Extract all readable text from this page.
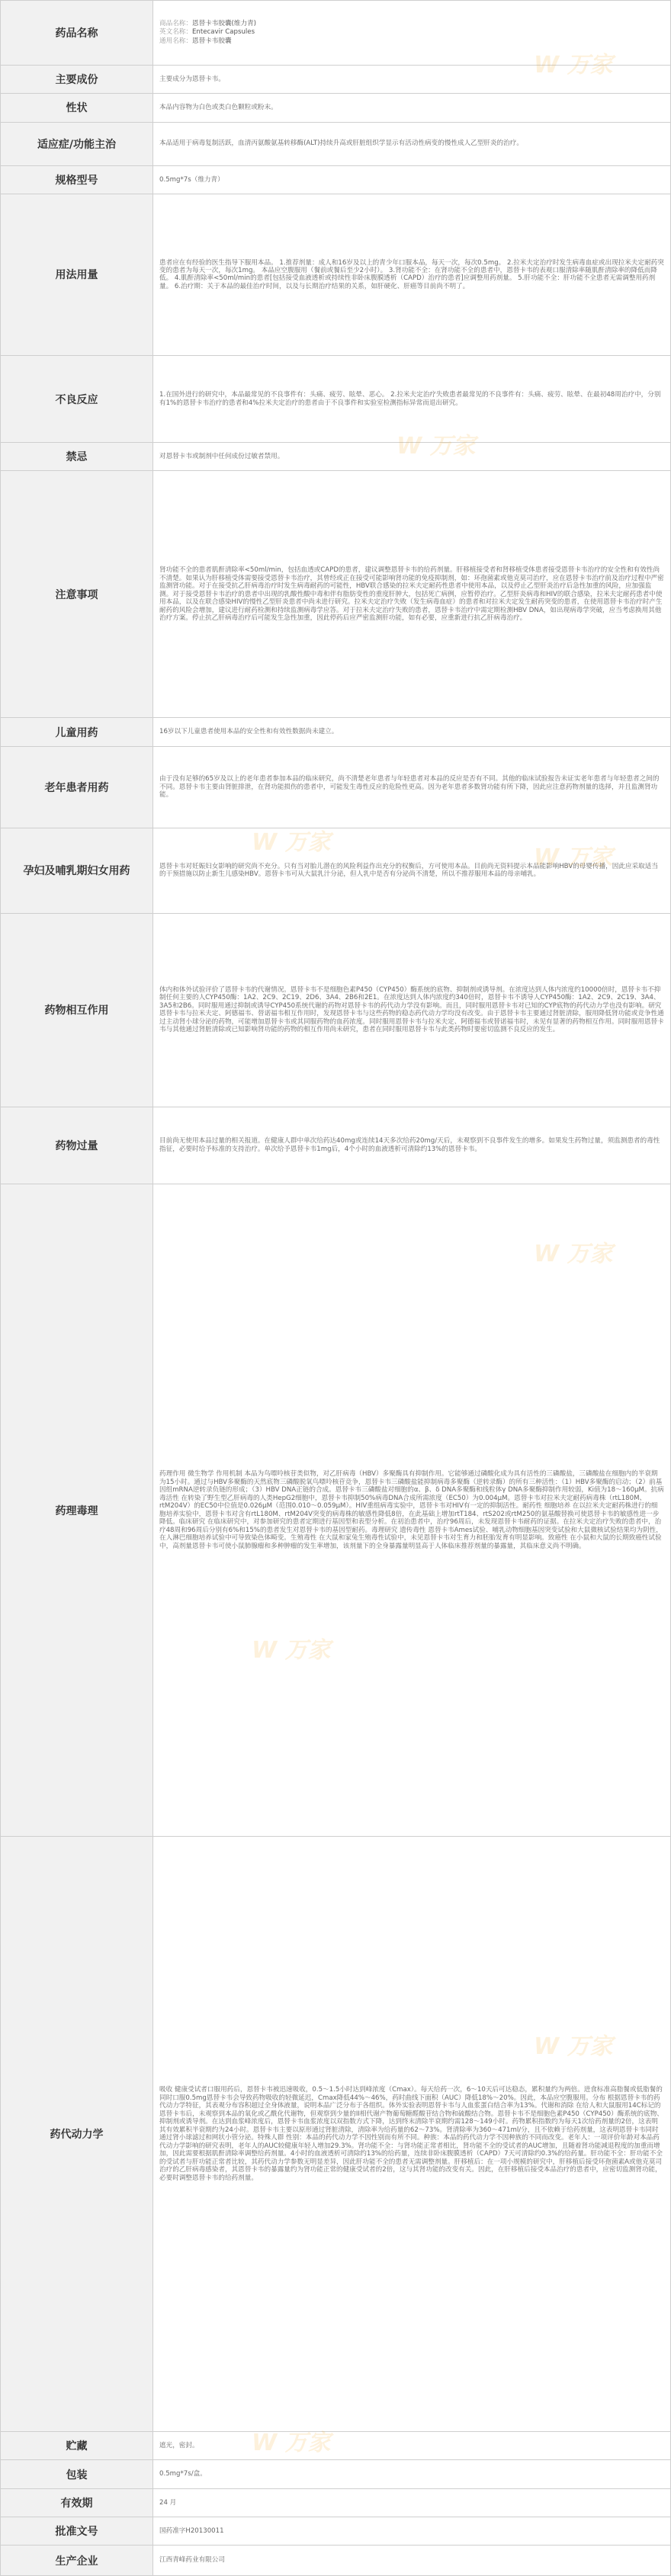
药品名称	商品名称：恩替卡韦胶囊(维力青)

英文名称：Entecavir Capsules

通用名称：恩替卡韦胶囊

主要成份	主要成分为恩替卡韦。
性状	本品内容物为白色或类白色颗粒或粉末。
适应症/功能主治	本品适用于病毒复制活跃，血清丙氨酸氨基转移酶(ALT)持续升高或肝脏组织学显示有活动性病变的慢性成人乙型肝炎的治疗。
规格型号	0.5mg*7s（维力青）
用法用量	患者应在有经验的医生指导下服用本品。 1.推荐剂量：成人和16岁及以上的青少年口服本品，每天一次，每次0.5mg。 2.拉米夫定治疗时发生病毒血症或出现拉米夫定耐药突变的患者为每天一次，每次1mg。 本品应空腹服用（餐前或餐后至少2小时）。 3.肾功能不全：在肾功能不全的患者中，恩替卡韦的表观口服清除率随肌酐清除率的降低而降低。 4.肌酐清除率<50ml/min的患者[包括接受血液透析或持续性非卧床腹膜透析（CAPD）治疗的患者]应调整用药剂量。 5.肝功能不全：肝功能不全患者无需调整用药剂量。 6.治疗期：关于本品的最佳治疗时间，以及与长期治疗结果的关系，如肝硬化、肝癌等目前尚不明了。
不良反应	1.在国外进行的研究中，本品最常见的不良事件有：头痛、疲劳、眩晕、恶心。 2.拉米夫定治疗失败患者最常见的不良事件有：头痛、疲劳、眩晕、在最初48周治疗中，分别有1%的恩替卡韦治疗的患者和4%拉米夫定治疗的患者由于不良事件和实验室检测指标异常而退出研究。
禁忌	对恩替卡韦或制剂中任何成份过敏者禁用。
注意事项	肾功能不全的患者肌酐清除率<50ml/min，包括血透或CAPD的患者，建议调整恩替卡韦的给药剂量。肝移植接受者和肾移植受体患者接受恩替卡韦治疗的安全性和有效性尚不清楚。如果认为肝移植受体需要接受恩替卡韦治疗，其曾经或正在接受可能影响肾功能的免疫抑制剂，如：环孢菌素或他克莫司治疗，应在恩替卡韦治疗前及治疗过程中严密监测肾功能。对于在接受抗乙肝病毒治疗时发生病毒耐药的可能性，HBV联合感染的拉米夫定耐药性患者中使用本品，以及停止乙型肝炎治疗后急性加重的风险，应加强监测。对于接受恩替卡韦治疗的患者中出现的乳酸性酸中毒和伴有脂肪变性的重度肝肿大，包括死亡病例，应暂停治疗。乙型肝炎病毒和HIV的联合感染，拉米夫定耐药患者中使用本品，以及在联合感染HIV的慢性乙型肝炎患者中尚未进行研究。拉米夫定治疗失败（发生病毒血症）的患者和对拉米夫定发生耐药突变的患者，在使用恩替卡韦治疗时产生耐药的风险会增加，建议进行耐药检测和持续监测病毒学应答。对于拉米夫定治疗失败的患者，恩替卡韦治疗中需定期检测HBV DNA，如出现病毒学突破，应当考虑换用其他治疗方案。停止抗乙肝病毒治疗后可能发生急性加重，因此停药后应严密监测肝功能，如有必要，应重新进行抗乙肝病毒治疗。
儿童用药	16岁以下儿童患者使用本品的安全性和有效性数据尚未建立。
老年患者用药	由于没有足够的65岁及以上的老年患者参加本品的临床研究，尚不清楚老年患者与年轻患者对本品的反应是否有不同。其他的临床试验报告未证实老年患者与年轻患者之间的不同。恩替卡韦主要由肾脏排泄，在肾功能损伤的患者中，可能发生毒性反应的危险性更高。因为老年患者多数肾功能有所下降，因此应注意药物剂量的选择，并且监测肾功能。
孕妇及哺乳期妇女用药	恩替卡韦对妊娠妇女影响的研究尚不充分。只有当对胎儿潜在的风险利益作出充分的权衡后，方可使用本品。目前尚无资料提示本品能影响HBV的母婴传播，因此应采取适当的干预措施以防止新生儿感染HBV。恩替卡韦可从大鼠乳汁分泌，但人乳中是否有分泌尚不清楚，所以不推荐服用本品的母亲哺乳。
药物相互作用	体内和体外试验评价了恩替卡韦的代谢情况。恩替卡韦不是细胞色素P450（CYP450）酶系统的底物、抑制剂或诱导剂。在浓度达到人体内浓度约10000倍时，恩替卡韦不抑制任何主要的人CYP450酶：1A2、2C9、2C19、2D6、3A4、2B6和2E1。在浓度达到人体内浓度约340倍时，恩替卡韦不诱导人CYP450酶：1A2、2C9、2C19、3A4、3A5和2B6。同时服用通过抑制或诱导CYP450系统代谢的药物对恩替卡韦的药代动力学没有影响。而且，同时服用恩替卡韦对已知的CYP底物的药代动力学也没有影响。研究恩替卡韦与拉米夫定、阿德福韦、替诺福韦相互作用时，发现恩替卡韦与这些药物的稳态药代动力学均没有改变。由于恩替卡韦主要通过肾脏清除，服用降低肾功能或竞争性通过主动肾小球分泌的药物，可能增加恩替卡韦或其同服药物的血药浓度。同时服用恩替卡韦与拉米夫定、阿德福韦或替诺福韦时，未见有显著的药物相互作用。同时服用恩替卡韦与其他通过肾脏清除或已知影响肾功能的药物的相互作用尚未研究，患者在同时服用恩替卡韦与此类药物时要密切监测不良反应的发生。
药物过量	目前尚无使用本品过量的相关报道。在健康人群中单次给药达40mg或连续14天多次给药20mg/天后，未观察到不良事件发生的增多。如果发生药物过量，须监测患者的毒性指征，必要时给予标准的支持治疗。单次给予恩替卡韦1mg后，4个小时的血液透析可清除约13%的恩替卡韦。
药理毒理	药理作用 微生物学 作用机制 本品为鸟嘌呤核苷类似物，对乙肝病毒（HBV）多聚酶具有抑制作用。它能够通过磷酸化成为具有活性的三磷酸盐，三磷酸盐在细胞内的半衰期为15小时。通过与HBV多聚酶的天然底物三磷酸脱氧鸟嘌呤核苷竞争，恩替卡韦三磷酸盐能抑制病毒多聚酶（逆转录酶）的所有三种活性：（1）HBV多聚酶的启动；（2）前基因组mRNA逆转录负链的形成；（3）HBV DNA正链的合成。恩替卡韦三磷酸盐对细胞的α、β、δ DNA多聚酶和线粒体γ DNA多聚酶抑制作用较弱，Ki值为18～160μM。抗病毒活性 在转染了野生型乙肝病毒的人类HepG2细胞中，恩替卡韦抑制50%病毒DNA合成所需浓度（EC50）为0.004μM。恩替卡韦对拉米夫定耐药病毒株（rtL180M、rtM204V）的EC50中位值是0.026μM（范围0.010～0.059μM）。HIV重组病毒实验中，恩替卡韦对HIV有一定的抑制活性。耐药性 细胞培养 在以拉米夫定耐药株进行的细胞培养实验中，恩替卡韦对含有rtL180M、rtM204V突变的病毒株的敏感性降低8倍，在此基础上增加rtT184、rtS202或rtM250的氨基酸替换可使恩替卡韦的敏感性进一步降低。临床研究 在临床研究中，对参加研究的患者定期进行基因型和表型分析。在初治患者中，治疗96周后，未发现恩替卡韦耐药的证据。在拉米夫定治疗失败的患者中，治疗48周和96周后分别有6%和15%的患者发生对恩替卡韦的基因型耐药。毒理研究 遗传毒性 恩替卡韦Ames试验、哺乳动物细胞基因突变试验和大鼠微核试验结果均为阴性，在人淋巴细胞培养试验中可导致染色体畸变。生殖毒性 在大鼠和家兔生殖毒性试验中，未见恩替卡韦对生育力和胚胎发育有明显影响。致癌性 在小鼠和大鼠的长期致癌性试验中，高剂量恩替卡韦可使小鼠肺腺瘤和多种肿瘤的发生率增加，该剂量下的全身暴露量明显高于人体临床推荐剂量的暴露量，其临床意义尚不明确。
药代动力学	吸收 健康受试者口服用药后，恩替卡韦被迅速吸收，0.5～1.5小时达到峰浓度（Cmax）。每天给药一次，6～10天后可达稳态，累积量约为两倍。进食标准高脂餐或低脂餐的同时口服0.5mg恩替卡韦会导致药物吸收的轻微延迟，Cmax降低44%～46%，药时曲线下面积（AUC）降低18%～20%。因此，本品应空腹服用。分布 根据恩替卡韦的药代动力学特征，其表观分布容积超过全身体液量，说明本品广泛分布于各组织。体外实验表明恩替卡韦与人血浆蛋白结合率为13%。代谢和消除 在给人和大鼠服用14C标记的恩替卡韦后，未观察到本品的氧化或乙酰化代谢物，但观察到少量的II相代谢产物葡萄糖醛酸苷结合物和硫酸结合物。恩替卡韦不是细胞色素P450（CYP450）酶系统的底物、抑制剂或诱导剂。在达到血浆峰浓度后，恩替卡韦血浆浓度以双指数方式下降，达到终末清除半衰期约需128～149小时。药物累积指数约为每天1次给药剂量的2倍，这表明其有效累积半衰期约为24小时。恩替卡韦主要以原形通过肾脏清除，清除率为给药量的62～73%。肾清除率为360～471ml/分，且不依赖于给药剂量，这表明恩替卡韦同时通过肾小球滤过和网状小管分泌。特殊人群 性别：本品的药代动力学不因性别而有所不同。种族：本品的药代动力学不因种族的不同而改变。老年人：一项评价年龄对本品药代动力学影响的研究表明，老年人的AUC较健康年轻人增加29.3%。肾功能不全：与肾功能正常者相比，肾功能不全的受试者的AUC增加，且随着肾功能减退程度的加重而增加，因此需要根据肌酐清除率调整给药剂量。4小时的血液透析可清除约13%的给药量，连续非卧床腹膜透析（CAPD）7天可清除约0.3%的给药量。肝功能不全：肝功能不全的受试者与肝功能正常者比较，其药代动力学参数无明显差异，因此肝功能不全的患者无需调整剂量。肝移植后：在一项小规模的研究中，肝移植后接受环孢菌素A或他克莫司治疗的乙肝病毒感染者，其恩替卡韦的暴露量约为肾功能正常的健康受试者的2倍，这与其肾功能的改变有关。因此，在肝移植后接受本品治疗的患者中，应密切监测肾功能，必要时调整恩替卡韦的给药剂量。
贮藏	遮光，密封。
包装	0.5mg*7s/盒。
有效期	24 月
批准文号	国药准字H20130011
生产企业	江西青峰药业有限公司
W 万家
W 万家
W 万家
W 万家
W 万家
W 万家
W 万家
W 万家
